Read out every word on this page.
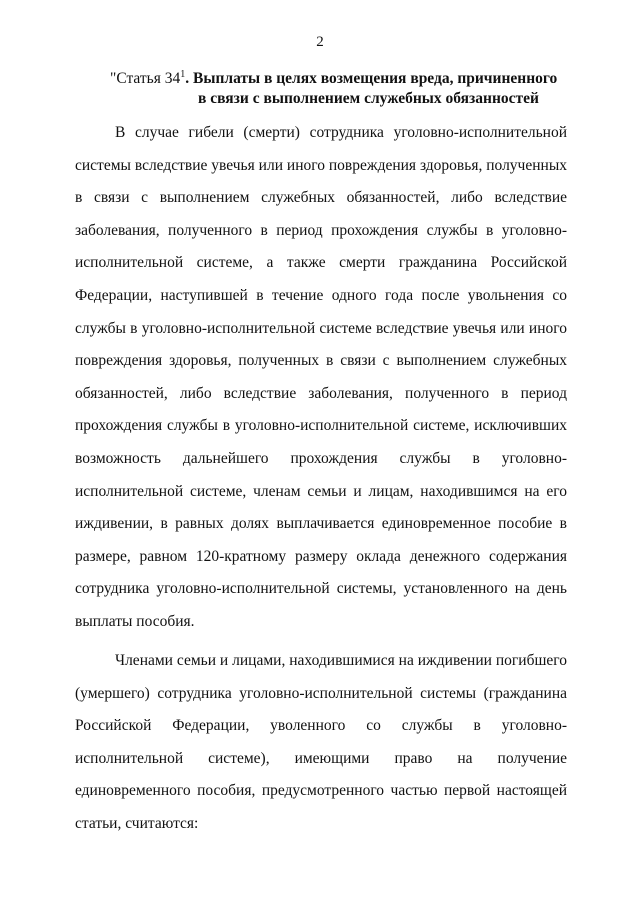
2
"Статья $34^1$. Выплаты в целях возмещения вреда, причиненного
в связи с выполнением служебных обязанностей

В случае гибели (смерти) сотрудника уголовно-исполнительной системы вследствие увечья или иного повреждения здоровья, полученных в связи с выполнением служебных обязанностей, либо вследствие заболевания, полученного в период прохождения службы в уголовно-исполнительной системе, а также смерти гражданина Российской Федерации, наступившей в течение одного года после увольнения со службы в уголовно-исполнительной системе вследствие увечья или иного повреждения здоровья, полученных в связи с выполнением служебных обязанностей, либо вследствие заболевания, полученного в период прохождения службы в уголовно-исполнительной системе, исключивших возможность дальнейшего прохождения службы в уголовно-исполнительной системе, членам семьи и лицам, находившимся на его иждивении, в равных долях выплачивается единовременное пособие в размере, равном 120-кратному размеру оклада денежного содержания сотрудника уголовно-исполнительной системы, установленного на день выплаты пособия.

Членами семьи и лицами, находившимися на иждивении погибшего (умершего) сотрудника уголовно-исполнительной системы (гражданина Российской Федерации, уволенного со службы в уголовно-исполнительной системе), имеющими право на получение единовременного пособия, предусмотренного частью первой настоящей статьи, считаются:
